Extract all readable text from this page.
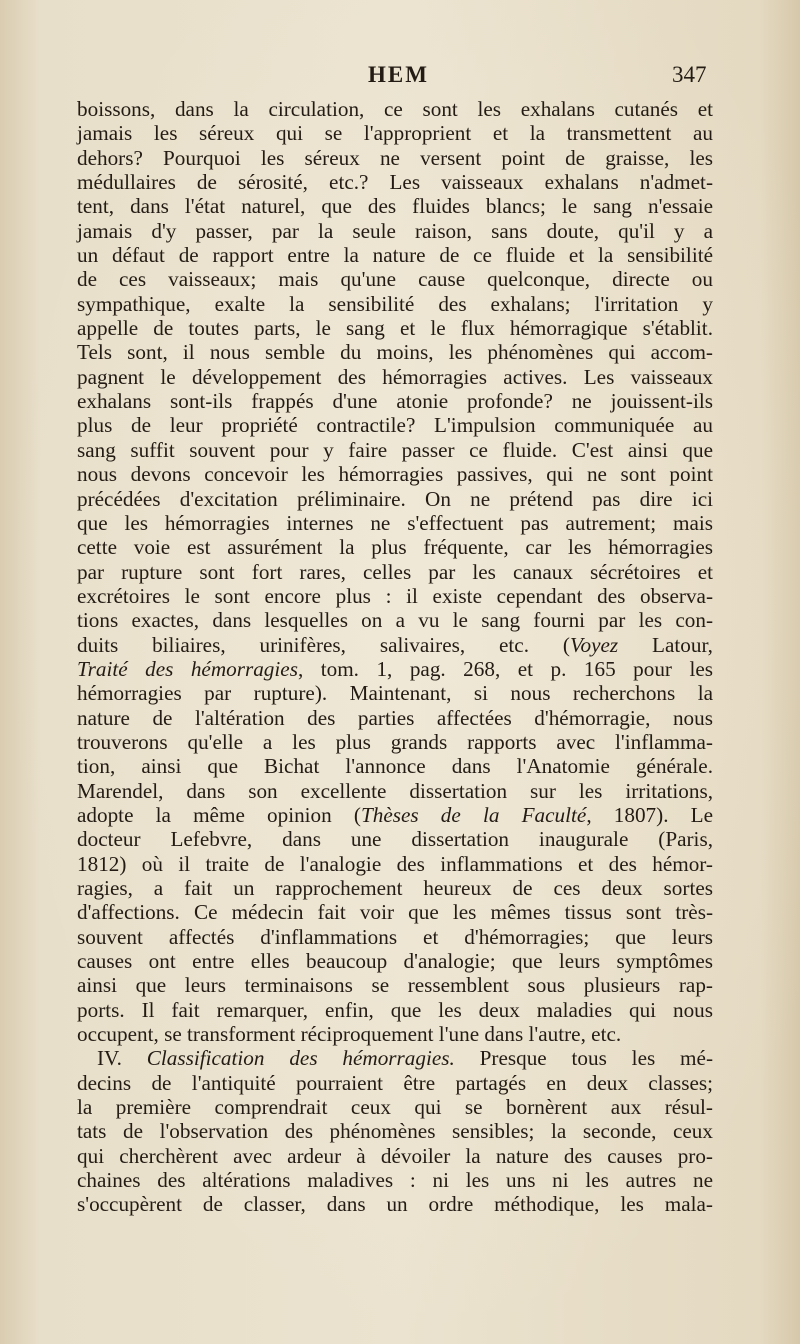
HEM	347
boissons, dans la circulation, ce sont les exhalans cutanés et
jamais les séreux qui se l'approprient et la transmettent au
dehors? Pourquoi les séreux ne versent point de graisse, les
médullaires de sérosité, etc.? Les vaisseaux exhalans n'admet-
tent, dans l'état naturel, que des fluides blancs; le sang n'essaie
jamais d'y passer, par la seule raison, sans doute, qu'il y a
un défaut de rapport entre la nature de ce fluide et la sensibilité
de ces vaisseaux; mais qu'une cause quelconque, directe ou
sympathique, exalte la sensibilité des exhalans; l'irritation y
appelle de toutes parts, le sang et le flux hémorragique s'établit.
Tels sont, il nous semble du moins, les phénomènes qui accom-
pagnent le développement des hémorragies actives. Les vaisseaux
exhalans sont-ils frappés d'une atonie profonde? ne jouissent-ils
plus de leur propriété contractile? L'impulsion communiquée au
sang suffit souvent pour y faire passer ce fluide. C'est ainsi que
nous devons concevoir les hémorragies passives, qui ne sont point
précédées d'excitation préliminaire. On ne prétend pas dire ici
que les hémorragies internes ne s'effectuent pas autrement; mais
cette voie est assurément la plus fréquente, car les hémorragies
par rupture sont fort rares, celles par les canaux sécrétoires et
excrétoires le sont encore plus : il existe cependant des observa-
tions exactes, dans lesquelles on a vu le sang fourni par les con-
duits biliaires, urinifères, salivaires, etc. (Voyez Latour,
Traité des hémorragies, tom. 1, pag. 268, et p. 165 pour les
hémorragies par rupture). Maintenant, si nous recherchons la
nature de l'altération des parties affectées d'hémorragie, nous
trouverons qu'elle a les plus grands rapports avec l'inflamma-
tion, ainsi que Bichat l'annonce dans l'Anatomie générale.
Marendel, dans son excellente dissertation sur les irritations,
adopte la même opinion (Thèses de la Faculté, 1807). Le
docteur Lefebvre, dans une dissertation inaugurale (Paris,
1812) où il traite de l'analogie des inflammations et des hémor-
ragies, a fait un rapprochement heureux de ces deux sortes
d'affections. Ce médecin fait voir que les mêmes tissus sont très-
souvent affectés d'inflammations et d'hémorragies; que leurs
causes ont entre elles beaucoup d'analogie; que leurs symptômes
ainsi que leurs terminaisons se ressemblent sous plusieurs rap-
ports. Il fait remarquer, enfin, que les deux maladies qui nous
occupent, se transforment réciproquement l'une dans l'autre, etc.
IV. Classification des hémorragies. Presque tous les mé-
decins de l'antiquité pourraient être partagés en deux classes;
la première comprendrait ceux qui se bornèrent aux résul-
tats de l'observation des phénomènes sensibles; la seconde, ceux
qui cherchèrent avec ardeur à dévoiler la nature des causes pro-
chaines des altérations maladives : ni les uns ni les autres ne
s'occupèrent de classer, dans un ordre méthodique, les mala-
